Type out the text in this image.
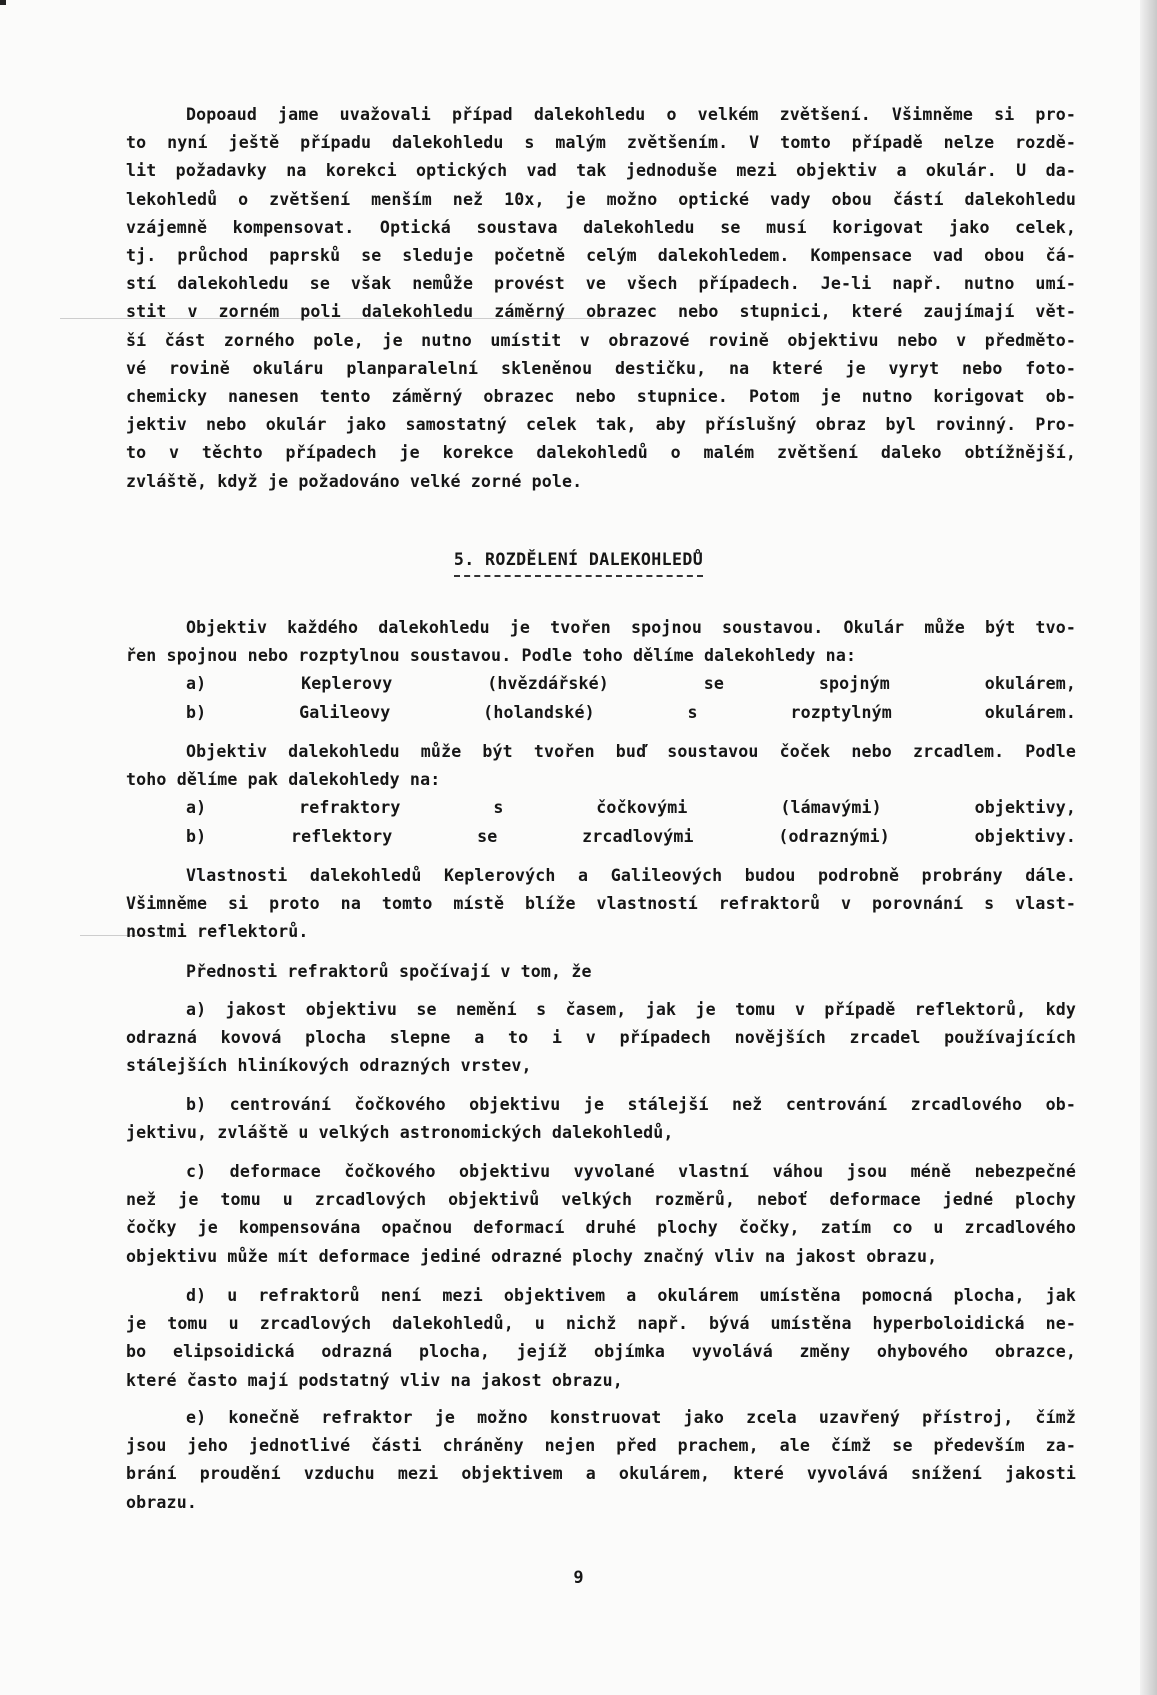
Dopoaud jame uvažovali případ dalekohledu o velkém zvětšení. Všimněme si pro-

to nyní ještě případu dalekohledu s malým zvětšením. V tomto případě nelze rozdě-

lit požadavky na korekci optických vad tak jednoduše mezi objektiv a okulár. U da-

lekohledů o zvětšení menším než 10x, je možno optické vady obou částí dalekohledu

vzájemně kompensovat. Optická soustava dalekohledu se musí korigovat jako celek,

tj. průchod paprsků se sleduje početně celým dalekohledem. Kompensace vad obou čá-

stí dalekohledu se však nemůže provést ve všech případech. Je-li např. nutno umí-

stit v zorném poli dalekohledu záměrný obrazec nebo stupnici, které zaujímají vět-

ší část zorného pole, je nutno umístit v obrazové rovině objektivu nebo v předměto-

vé rovině okuláru planparalelní skleněnou destičku, na které je vyryt nebo foto-

chemicky nanesen tento záměrný obrazec nebo stupnice. Potom je nutno korigovat ob-

jektiv nebo okulár jako samostatný celek tak, aby příslušný obraz byl rovinný. Pro-

to v těchto případech je korekce dalekohledů o malém zvětšení daleko obtížnější,

zvláště, když je požadováno velké zorné pole.

5. ROZDĚLENÍ DALEKOHLEDŮ

Objektiv každého dalekohledu je tvořen spojnou soustavou. Okulár může být tvo-

řen spojnou nebo rozptylnou soustavou. Podle toho dělíme dalekohledy na:

a) Keplerovy (hvězdářské) se spojným okulárem,

b) Galileovy (holandské) s rozptylným okulárem.

Objektiv dalekohledu může být tvořen buď soustavou čoček nebo zrcadlem. Podle

toho dělíme pak dalekohledy na:

a) refraktory s čočkovými (lámavými) objektivy,

b) reflektory se zrcadlovými (odraznými) objektivy.

Vlastnosti dalekohledů Keplerových a Galileových budou podrobně probrány dále.

Všimněme si proto na tomto místě blíže vlastností refraktorů v porovnání s vlast-

nostmi reflektorů.

Přednosti refraktorů spočívají v tom, že

a) jakost objektivu se nemění s časem, jak je tomu v případě reflektorů, kdy

odrazná kovová plocha slepne a to i v případech novějších zrcadel používajících

stálejších hliníkových odrazných vrstev,

b) centrování čočkového objektivu je stálejší než centrování zrcadlového ob-

jektivu, zvláště u velkých astronomických dalekohledů,

c) deformace čočkového objektivu vyvolané vlastní váhou jsou méně nebezpečné

než je tomu u zrcadlových objektivů velkých rozměrů, neboť deformace jedné plochy

čočky je kompensována opačnou deformací druhé plochy čočky, zatím co u zrcadlového

objektivu může mít deformace jediné odrazné plochy značný vliv na jakost obrazu,

d) u refraktorů není mezi objektivem a okulárem umístěna pomocná plocha, jak

je tomu u zrcadlových dalekohledů, u nichž např. bývá umístěna hyperboloidická ne-

bo elipsoidická odrazná plocha, jejíž objímka vyvolává změny ohybového obrazce,

které často mají podstatný vliv na jakost obrazu,

e) konečně refraktor je možno konstruovat jako zcela uzavřený přístroj, čímž

jsou jeho jednotlivé části chráněny nejen před prachem, ale čímž se především za-

brání proudění vzduchu mezi objektivem a okulárem, které vyvolává snížení jakosti

obrazu.

9
